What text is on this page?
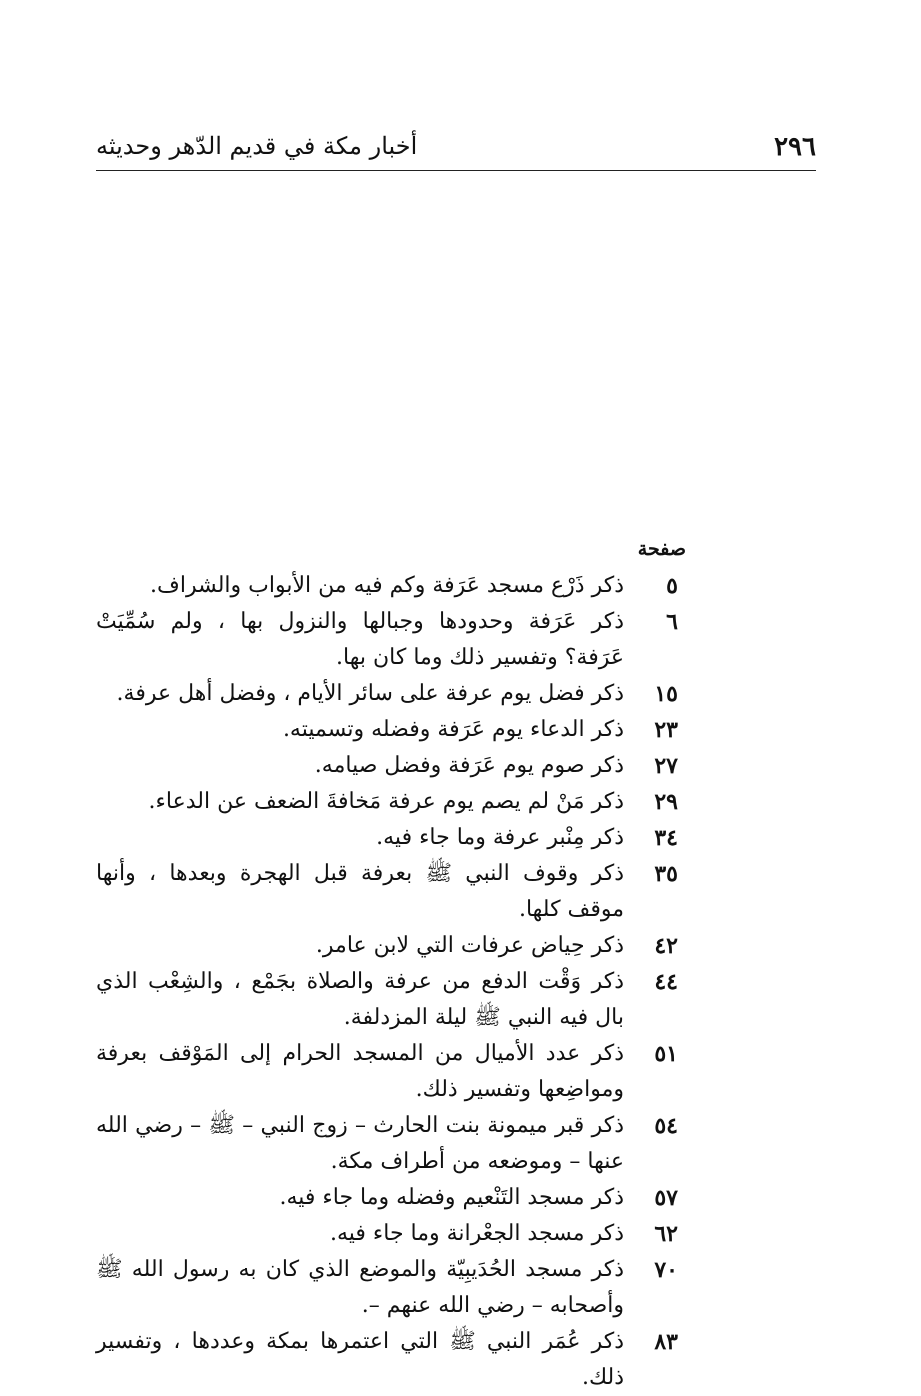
٢٩٦
أخبار مكة في قديم الدّهر وحديثه
صفحة
٥
ذكر ذَرْع مسجد عَرَفة وكم فيه من الأبواب والشراف.
٦
ذكر عَرَفة وحدودها وجبالها والنزول بها ، ولم سُمِّيَتْ عَرَفة؟ وتفسير ذلك وما كان بها.
١٥
ذكر فضل يوم عرفة على سائر الأيام ، وفضل أهل عرفة.
٢٣
ذكر الدعاء يوم عَرَفة وفضله وتسميته.
٢٧
ذكر صوم يوم عَرَفة وفضل صيامه.
٢٩
ذكر مَنْ لم يصم يوم عرفة مَخافةَ الضعف عن الدعاء.
٣٤
ذكر مِنْبر عرفة وما جاء فيه.
٣٥
ذكر وقوف النبي ﷺ بعرفة قبل الهجرة وبعدها ، وأنها موقف كلها.
٤٢
ذكر حِياض عرفات التي لابن عامر.
٤٤
ذكر وَقْت الدفع من عرفة والصلاة بجَمْع ، والشِعْب الذي بال فيه النبي ﷺ ليلة المزدلفة.
٥١
ذكر عدد الأميال من المسجد الحرام إلى المَوْقف بعرفة ومواضِعها وتفسير ذلك.
٥٤
ذكر قبر ميمونة بنت الحارث – زوج النبي – ﷺ – رضي الله عنها – وموضعه من أطراف مكة.
٥٧
ذكر مسجد التَنْعيم وفضله وما جاء فيه.
٦٢
ذكر مسجد الجعْرانة وما جاء فيه.
٧٠
ذكر مسجد الحُدَيبِيّة والموضع الذي كان به رسول الله ﷺ وأصحابه – رضي الله عنهم –.
٨٣
ذكر عُمَر النبي ﷺ التي اعتمرها بمكة وعددها ، وتفسير ذلك.
